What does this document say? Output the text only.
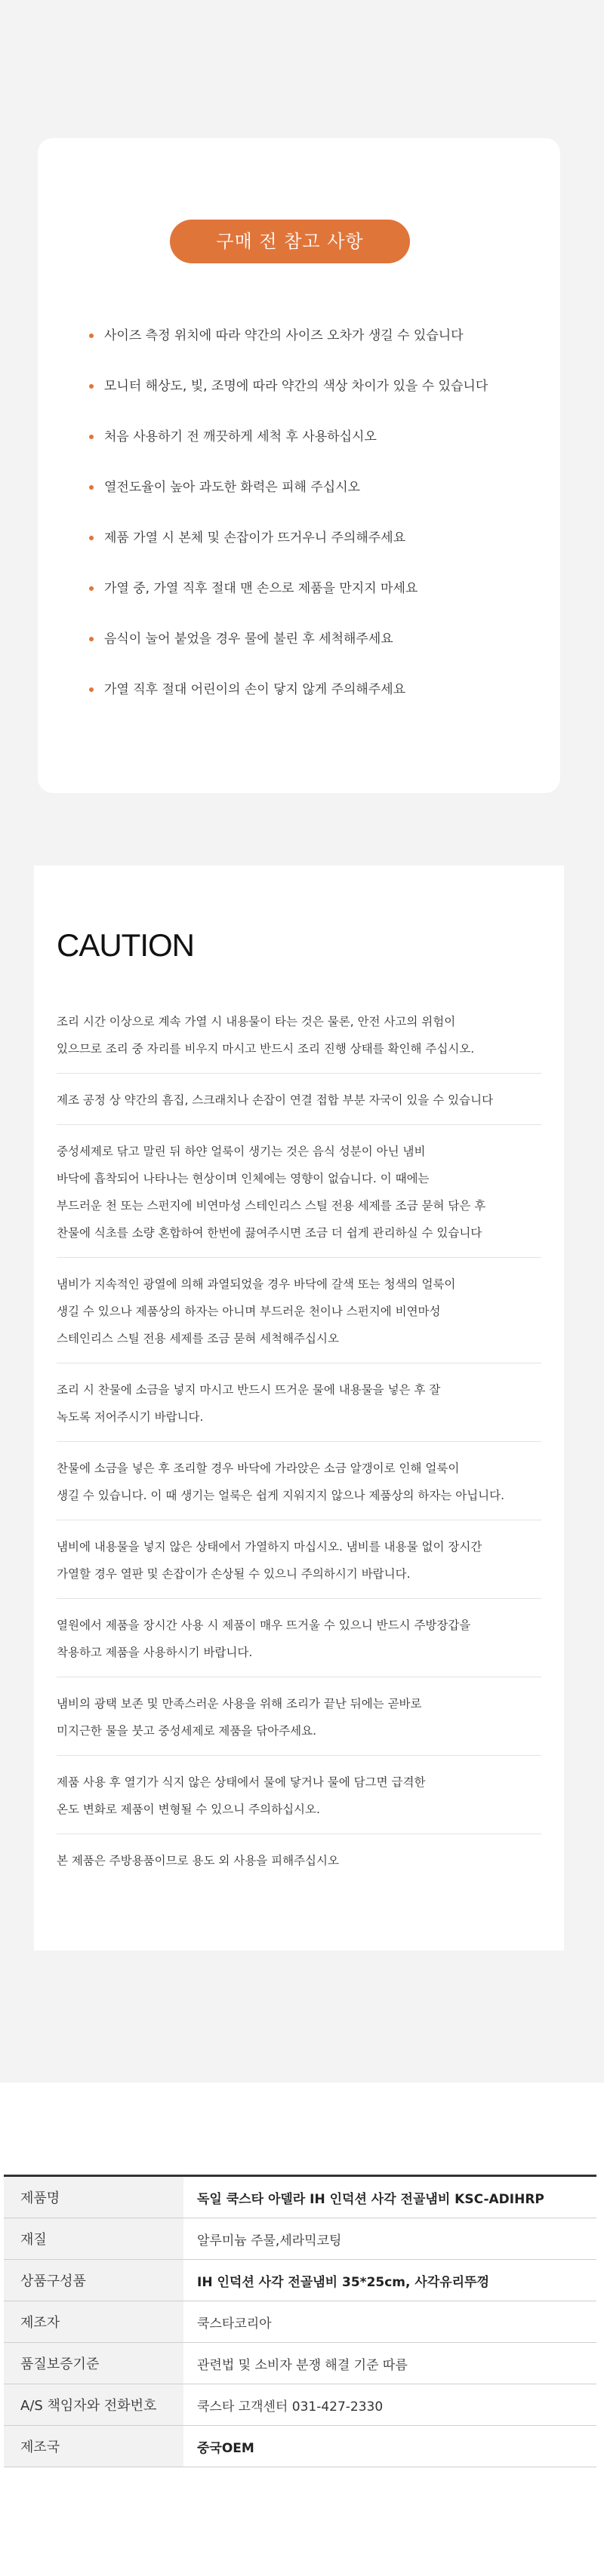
구매 전 참고 사항
사이즈 측정 위치에 따라 약간의 사이즈 오차가 생길 수 있습니다
모니터 해상도, 빛, 조명에 따라 약간의 색상 차이가 있을 수 있습니다
처음 사용하기 전 깨끗하게 세척 후 사용하십시오
열전도율이 높아 과도한 화력은 피해 주십시오
제품 가열 시 본체 및 손잡이가 뜨거우니 주의해주세요
가열 중, 가열 직후 절대 맨 손으로 제품을 만지지 마세요
음식이 눌어 붙었을 경우 물에 불린 후 세척해주세요
가열 직후 절대 어린이의 손이 닿지 않게 주의해주세요
CAUTION
조리 시간 이상으로 계속 가열 시 내용물이 타는 것은 물론, 안전 사고의 위험이
있으므로 조리 중 자리를 비우지 마시고 반드시 조리 진행 상태를 확인해 주십시오.
제조 공정 상 약간의 흠집, 스크래치나 손잡이 연결 접합 부분 자국이 있을 수 있습니다
중성세제로 닦고 말린 뒤 하얀 얼룩이 생기는 것은 음식 성분이 아닌 냄비
바닥에 흡착되어 나타나는 현상이며 인체에는 영향이 없습니다. 이 때에는
부드러운 천 또는 스펀지에 비연마성 스테인리스 스틸 전용 세제를 조금 묻혀 닦은 후
찬물에 식초를 소량 혼합하여 한번에 끓여주시면 조금 더 쉽게 관리하실 수 있습니다
냄비가 지속적인 광열에 의해 과열되었을 경우 바닥에 갈색 또는 청색의 얼룩이
생길 수 있으나 제품상의 하자는 아니며 부드러운 천이나 스펀지에 비연마성
스테인리스 스틸 전용 세제를 조금 묻혀 세척해주십시오
조리 시 찬물에 소금을 넣지 마시고 반드시 뜨거운 물에 내용물을 넣은 후 잘
녹도록 저어주시기 바랍니다.
찬물에 소금을 넣은 후 조리할 경우 바닥에 가라앉은 소금 알갱이로 인해 얼룩이
생길 수 있습니다. 이 때 생기는 얼룩은 쉽게 지워지지 않으나 제품상의 하자는 아닙니다.
냄비에 내용물을 넣지 않은 상태에서 가열하지 마십시오. 냄비를 내용물 없이 장시간
가열할 경우 열판 및 손잡이가 손상될 수 있으니 주의하시기 바랍니다.
열원에서 제품을 장시간 사용 시 제품이 매우 뜨거울 수 있으니 반드시 주방장갑을
착용하고 제품을 사용하시기 바랍니다.
냄비의 광택 보존 및 만족스러운 사용을 위해 조리가 끝난 뒤에는 곧바로
미지근한 물을 붓고 중성세제로 제품을 닦아주세요.
제품 사용 후 열기가 식지 않은 상태에서 물에 닿거나 물에 담그면 급격한
온도 변화로 제품이 변형될 수 있으니 주의하십시오.
본 제품은 주방용품이므로 용도 외 사용을 피해주십시오
제품명	독일 쿡스타 아델라 IH 인덕션 사각 전골냄비 KSC-ADIHRP
재질	알루미늄 주물,세라믹코팅
상품구성품	IH 인덕션 사각 전골냄비 35*25cm, 사각유리뚜껑
제조자	쿡스타코리아
품질보증기준	관련법 및 소비자 분쟁 해결 기준 따름
A/S 책임자와 전화번호	쿡스타 고객센터 031-427-2330
제조국	중국OEM
